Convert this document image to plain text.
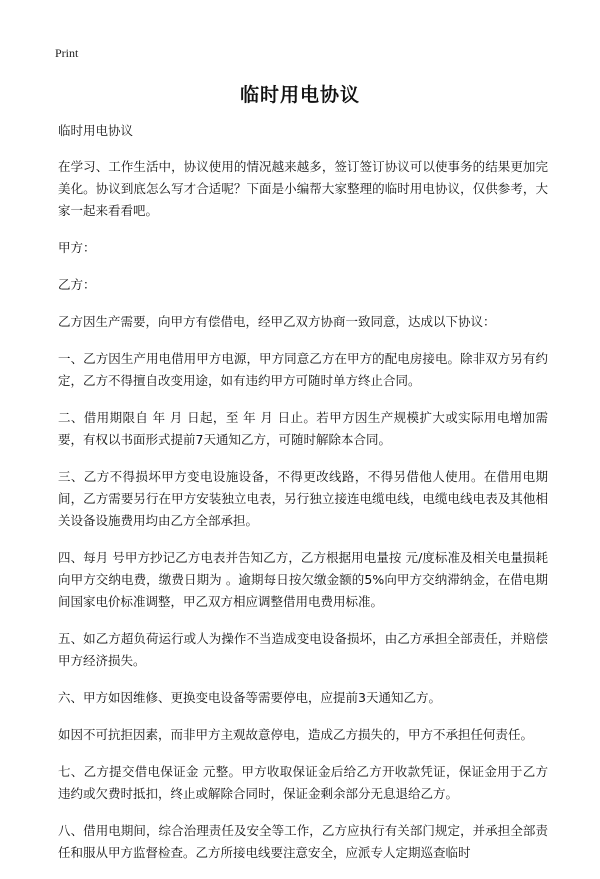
Print
临时用电协议

临时用电协议

在学习、工作生活中，协议使用的情况越来越多，签订签订协议可以使事务的结果更加完美化。协议到底怎么写才合适呢？下面是小编帮大家整理的临时用电协议，仅供参考，大家一起来看看吧。

甲方：

乙方：

乙方因生产需要，向甲方有偿借电，经甲乙双方协商一致同意，达成以下协议：

一、乙方因生产用电借用甲方电源，甲方同意乙方在甲方的配电房接电。除非双方另有约定，乙方不得擅自改变用途，如有违约甲方可随时单方终止合同。

二、借用期限自 年 月 日起，至 年 月 日止。若甲方因生产规模扩大或实际用电增加需要，有权以书面形式提前7天通知乙方，可随时解除本合同。

三、乙方不得损坏甲方变电设施设备，不得更改线路，不得另借他人使用。在借用电期间，乙方需要另行在甲方安装独立电表，另行独立接连电缆电线，电缆电线电表及其他相关设备设施费用均由乙方全部承担。

四、每月 号甲方抄记乙方电表并告知乙方，乙方根据用电量按 元/度标准及相关电量损耗向甲方交纳电费，缴费日期为 。逾期每日按欠缴金额的5%向甲方交纳滞纳金，在借电期间国家电价标准调整，甲乙双方相应调整借用电费用标准。

五、如乙方超负荷运行或人为操作不当造成变电设备损坏，由乙方承担全部责任，并赔偿甲方经济损失。

六、甲方如因维修、更换变电设备等需要停电，应提前3天通知乙方。

如因不可抗拒因素，而非甲方主观故意停电，造成乙方损失的，甲方不承担任何责任。

七、乙方提交借电保证金 元整。甲方收取保证金后给乙方开收款凭证，保证金用于乙方违约或欠费时抵扣，终止或解除合同时，保证金剩余部分无息退给乙方。

八、借用电期间，综合治理责任及安全等工作，乙方应执行有关部门规定，并承担全部责任和服从甲方监督检查。乙方所接电线要注意安全，应派专人定期巡查临时
